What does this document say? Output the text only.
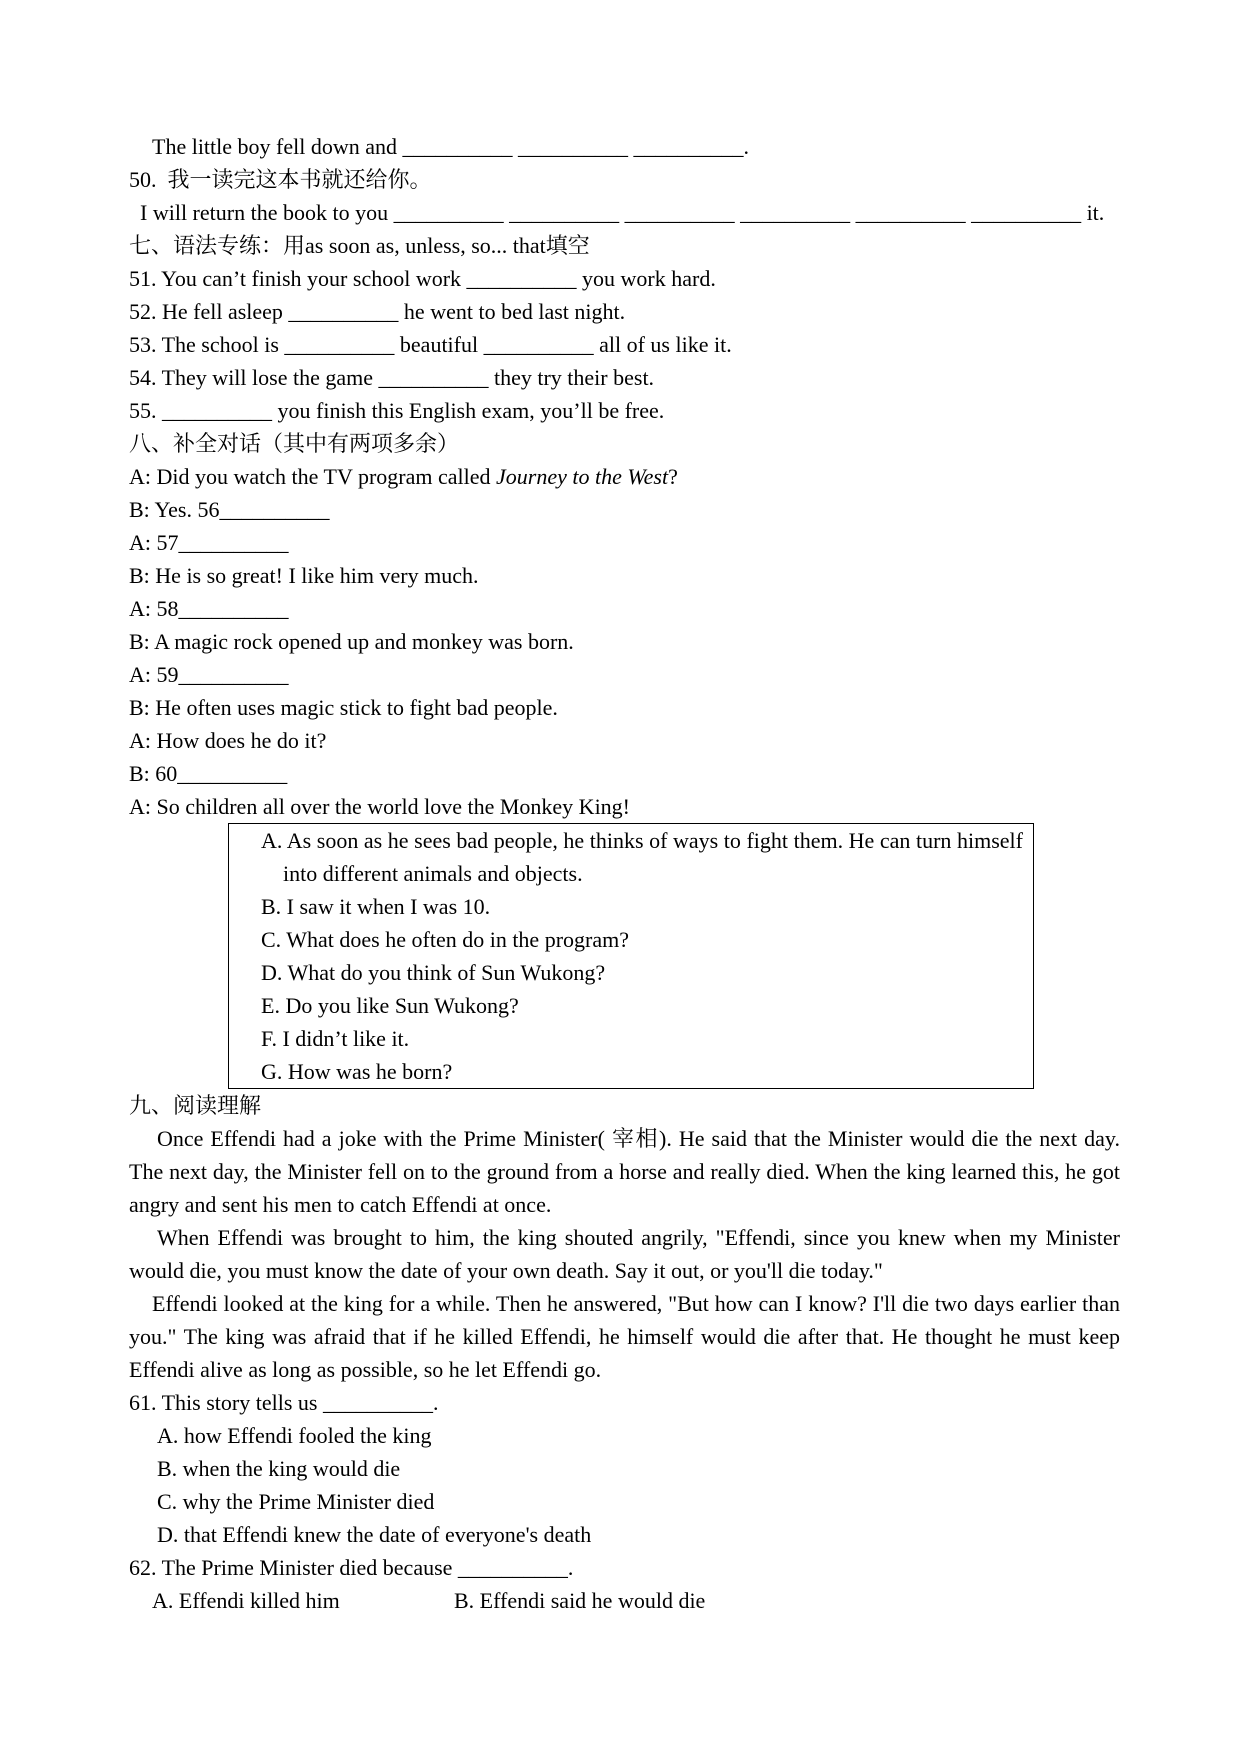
The little boy fell down and __________ __________ __________.
50.  我一读完这本书就还给你。
I will return the book to you __________ __________ __________ __________ __________ __________ it.
七、语法专练：用as soon as, unless, so... that填空
51. You can’t finish your school work __________ you work hard.
52. He fell asleep __________ he went to bed last night.
53. The school is __________ beautiful __________ all of us like it.
54. They will lose the game __________ they try their best.
55. __________ you finish this English exam, you’ll be free.
八、补全对话（其中有两项多余）
A: Did you watch the TV program called Journey to the West?
B: Yes. 56__________
A: 57__________
B: He is so great! I like him very much.
A: 58__________
B: A magic rock opened up and monkey was born.
A: 59__________
B: He often uses magic stick to fight bad people.
A: How does he do it?
B: 60__________
A: So children all over the world love the Monkey King!
A. As soon as he sees bad people, he thinks of ways to fight them. He can turn himself into different animals and objects.
B. I saw it when I was 10.
C. What does he often do in the program?
D. What do you think of Sun Wukong?
E. Do you like Sun Wukong?
F. I didn’t like it.
G. How was he born?
九、阅读理解
Once Effendi had a joke with the Prime Minister( 宰相). He said that the Minister would die the next day. The next day, the Minister fell on to the ground from a horse and really died. When the king learned this, he got angry and sent his men to catch Effendi at once.
When Effendi was brought to him, the king shouted angrily, "Effendi, since you knew when my Minister would die, you must know the date of your own death. Say it out, or you'll die today."
Effendi looked at the king for a while. Then he answered, "But how can I know? I'll die two days earlier than you." The king was afraid that if he killed Effendi, he himself would die after that. He thought he must keep Effendi alive as long as possible, so he let Effendi go.
61. This story tells us __________.
A. how Effendi fooled the king
B. when the king would die
C. why the Prime Minister died
D. that Effendi knew the date of everyone's death
62. The Prime Minister died because __________.
A. Effendi killed him	B. Effendi said he would die
